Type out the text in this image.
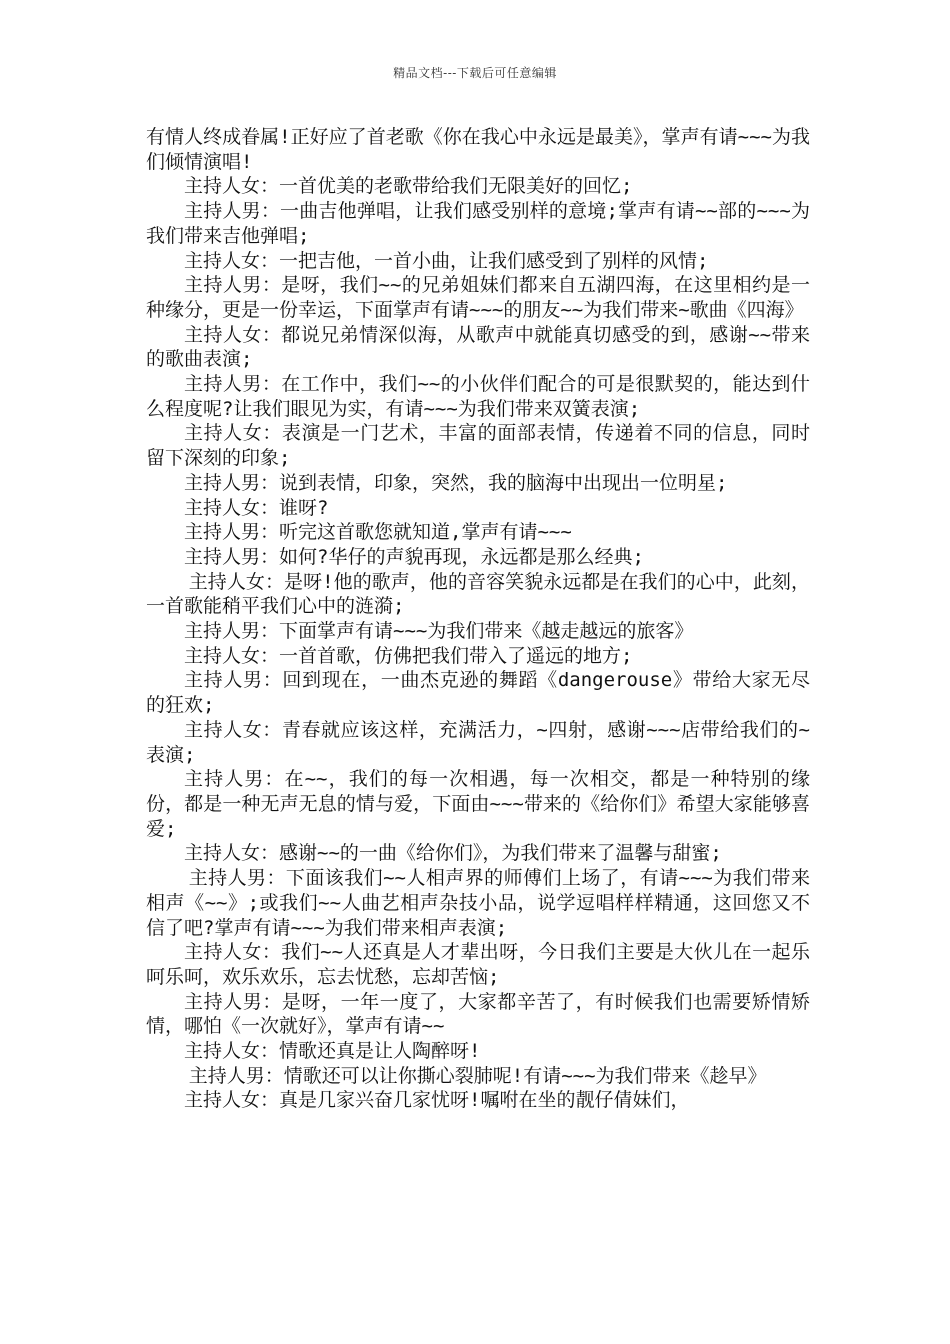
精品文档---下载后可任意编辑

有情人终成眷属!正好应了首老歌《你在我心中永远是最美》，掌声有请~~~为我们倾情演唱!

主持人女：一首优美的老歌带给我们无限美好的回忆;

主持人男：一曲吉他弹唱，让我们感受别样的意境;掌声有请~~部的~~~为我们带来吉他弹唱;

主持人女：一把吉他，一首小曲，让我们感受到了别样的风情;

主持人男：是呀，我们~~的兄弟姐妹们都来自五湖四海，在这里相约是一种缘分，更是一份幸运，下面掌声有请~~~的朋友~~为我们带来~歌曲《四海》

主持人女：都说兄弟情深似海，从歌声中就能真切感受的到，感谢~~带来的歌曲表演;

主持人男：在工作中，我们~~的小伙伴们配合的可是很默契的，能达到什么程度呢?让我们眼见为实，有请~~~为我们带来双簧表演;

主持人女：表演是一门艺术，丰富的面部表情，传递着不同的信息，同时留下深刻的印象;

主持人男：说到表情，印象，突然，我的脑海中出现出一位明星;

主持人女：谁呀?

主持人男：听完这首歌您就知道,掌声有请~~~

主持人男：如何?华仔的声貌再现，永远都是那么经典;

主持人女：是呀!他的歌声，他的音容笑貌永远都是在我们的心中，此刻，一首歌能稍平我们心中的涟漪;

主持人男：下面掌声有请~~~为我们带来《越走越远的旅客》

主持人女：一首首歌，仿佛把我们带入了遥远的地方;

主持人男：回到现在，一曲杰克逊的舞蹈《dangerouse》带给大家无尽的狂欢;

主持人女：青春就应该这样，充满活力，~四射，感谢~~~店带给我们的~表演;

主持人男：在~~，我们的每一次相遇，每一次相交，都是一种特别的缘份，都是一种无声无息的情与爱，下面由~~~带来的《给你们》希望大家能够喜爱;

主持人女：感谢~~的一曲《给你们》，为我们带来了温馨与甜蜜;

主持人男：下面该我们~~人相声界的师傅们上场了，有请~~~为我们带来相声《~~》;或我们~~人曲艺相声杂技小品，说学逗唱样样精通，这回您又不信了吧?掌声有请~~~为我们带来相声表演;

主持人女：我们~~人还真是人才辈出呀，今日我们主要是大伙儿在一起乐呵乐呵，欢乐欢乐，忘去忧愁，忘却苦恼;

主持人男：是呀，一年一度了，大家都辛苦了，有时候我们也需要矫情矫情，哪怕《一次就好》，掌声有请~~

主持人女：情歌还真是让人陶醉呀!

主持人男：情歌还可以让你撕心裂肺呢!有请~~~为我们带来《趁早》

主持人女：真是几家兴奋几家忧呀!嘱咐在坐的靓仔倩妹们，
